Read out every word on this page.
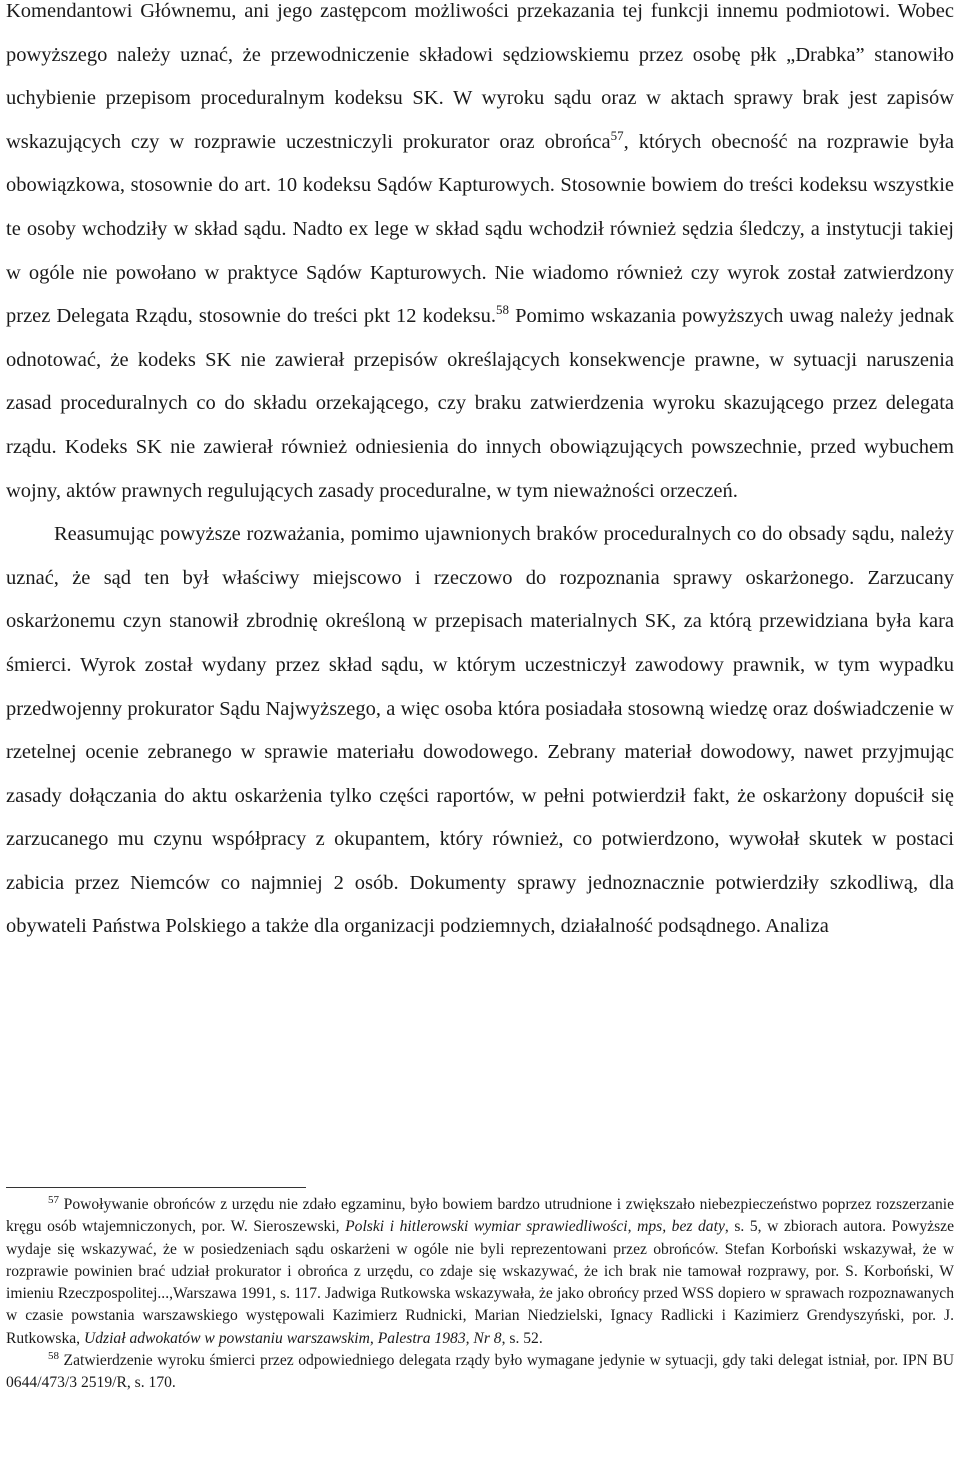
Komendantowi Głównemu, ani jego zastępcom możliwości przekazania tej funkcji innemu podmiotowi. Wobec powyższego należy uznać, że przewodniczenie składowi sędziowskiemu przez osobę płk „Drabka” stanowiło uchybienie przepisom proceduralnym kodeksu SK. W wyroku sądu oraz w aktach sprawy brak jest zapisów wskazujących czy w rozprawie uczestniczyli prokurator oraz obrońca$^{57}$, których obecność na rozprawie była obowiązkowa, stosownie do art. 10 kodeksu Sądów Kapturowych. Stosownie bowiem do treści kodeksu wszystkie te osoby wchodziły w skład sądu. Nadto ex lege w skład sądu wchodził również sędzia śledczy, a instytucji takiej w ogóle nie powołano w praktyce Sądów Kapturowych. Nie wiadomo również czy wyrok został zatwierdzony przez Delegata Rządu, stosownie do treści pkt 12 kodeksu.$^{58}$ Pomimo wskazania powyższych uwag należy jednak odnotować, że kodeks SK nie zawierał przepisów określających konsekwencje prawne, w sytuacji naruszenia zasad proceduralnych co do składu orzekającego, czy braku zatwierdzenia wyroku skazującego przez delegata rządu. Kodeks SK nie zawierał również odniesienia do innych obowiązujących powszechnie, przed wybuchem wojny, aktów prawnych regulujących zasady proceduralne, w tym nieważności orzeczeń.

Reasumując powyższe rozważania, pomimo ujawnionych braków proceduralnych co do obsady sądu, należy uznać, że sąd ten był właściwy miejscowo i rzeczowo do rozpoznania sprawy oskarżonego. Zarzucany oskarżonemu czyn stanowił zbrodnię określoną w przepisach materialnych SK, za którą przewidziana była kara śmierci. Wyrok został wydany przez skład sądu, w którym uczestniczył zawodowy prawnik, w tym wypadku przedwojenny prokurator Sądu Najwyższego, a więc osoba która posiadała stosowną wiedzę oraz doświadczenie w rzetelnej ocenie zebranego w sprawie materiału dowodowego. Zebrany materiał dowodowy, nawet przyjmując zasady dołączania do aktu oskarżenia tylko części raportów, w pełni potwierdził fakt, że oskarżony dopuścił się zarzucanego mu czynu współpracy z okupantem, który również, co potwierdzono, wywołał skutek w postaci zabicia przez Niemców co najmniej 2 osób. Dokumenty sprawy jednoznacznie potwierdziły szkodliwą, dla obywateli Państwa Polskiego a także dla organizacji podziemnych, działalność podsądnego. Analiza

$^{57}$ Powoływanie obrońców z urzędu nie zdało egzaminu, było bowiem bardzo utrudnione i zwiększało niebezpieczeństwo poprzez rozszerzanie kręgu osób wtajemniczonych, por. W. Sieroszewski, Polski i hitlerowski wymiar sprawiedliwości, mps, bez daty, s. 5, w zbiorach autora. Powyższe wydaje się wskazywać, że w posiedzeniach sądu oskarżeni w ogóle nie byli reprezentowani przez obrońców. Stefan Korboński wskazywał, że w rozprawie powinien brać udział prokurator i obrońca z urzędu, co zdaje się wskazywać, że ich brak nie tamował rozprawy, por. S. Korboński, W imieniu Rzeczpospolitej...,Warszawa 1991, s. 117. Jadwiga Rutkowska wskazywała, że jako obrońcy przed WSS dopiero w sprawach rozpoznawanych w czasie powstania warszawskiego występowali Kazimierz Rudnicki, Marian Niedzielski, Ignacy Radlicki i Kazimierz Grendyszyński, por. J. Rutkowska, Udział adwokatów w powstaniu warszawskim, Palestra 1983, Nr 8, s. 52.

$^{58}$ Zatwierdzenie wyroku śmierci przez odpowiedniego delegata rządy było wymagane jedynie w sytuacji, gdy taki delegat istniał, por. IPN BU 0644/473/3 2519/R, s. 170.
